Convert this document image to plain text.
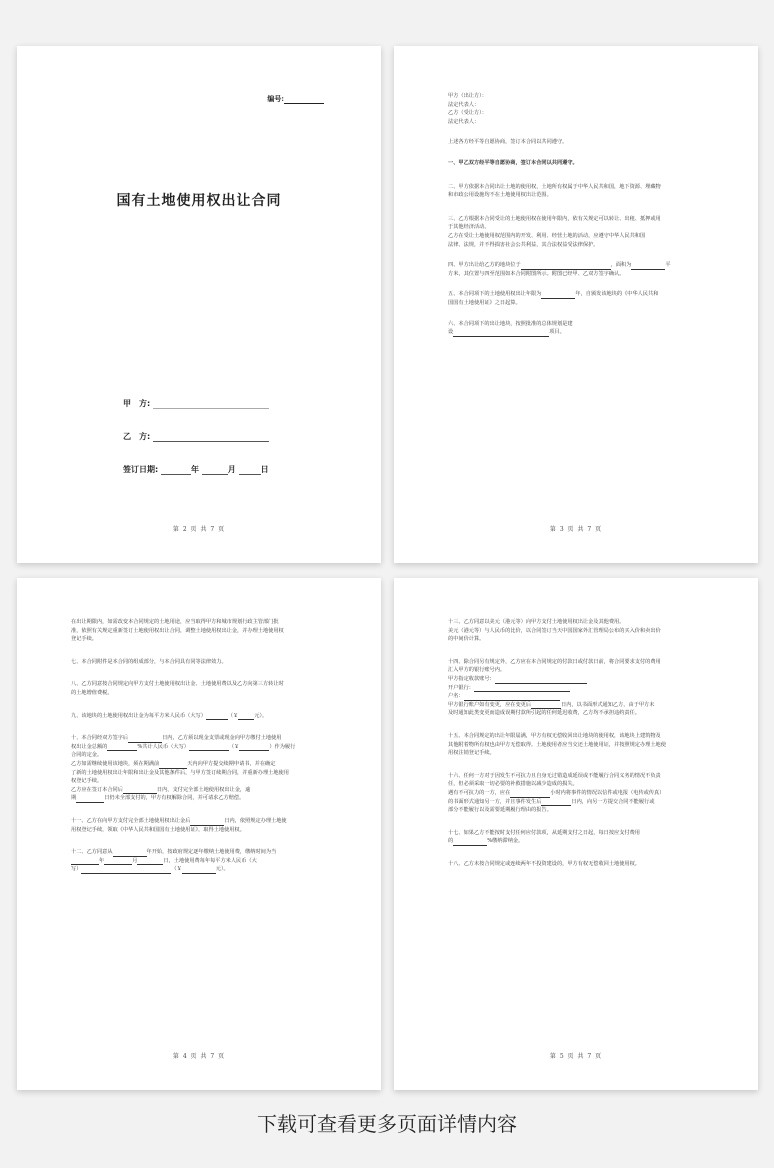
编号:
国有土地使用权出让合同
甲　方:
乙　方:
签订日期:	年	月	日
第 2 页 共 7 页

甲方（出让方）：

法定代表人：

乙方（受让方）：

法定代表人：

上述各方经平等自愿协商，签订本合同以共同遵守。

一、甲乙双方经平等自愿协商，签订本合同以共同遵守。

二、甲方依据本合同出让土地的使用权，土地所有权属于中华人民共和国，地下资源、埋藏物

和市政公用设施均不在土地使用权出让范围。

三、乙方根据本合同受让的土地使用权在使用年限内，依有关规定可以转让、出租、抵押或用

于其他经济活动。

乙方在受让土地使用权范围内的开发、利用、经营土地的活动，应遵守中华人民共和国

法律、法规，并不得损害社会公共利益，其合法权益受法律保护。

四、甲方出让给乙方的地块位于	，面积为	平

方米，其位置与四至范围如本合同附图所示。附图已经甲、乙双方签字确认。

五、本合同项下的土地使用权出让年限为	年，自颁发该地块的《中华人民共和

国国有土地使用证》之日起算。

六、本合同项下的出让地块，按照批准的总体规划是建

设	项目。

第 3 页 共 7 页

在出让期限内，如需改变本合同规定的土地用途，应当取得甲方和城市规划行政主管部门批

准，依照有关规定重新签订土地使用权出让合同，调整土地使用权出让金，并办理土地使用权

登记手续。

七、本合同附件是本合同的组成部分，与本合同具有同等法律效力。

八、乙方同意按合同规定向甲方支付土地使用权出让金、土地使用费以及乙方向第三方转让时

的土地增值费税。

九、该地块的土地使用权出让金为每平方米人民币（大写）	（￥	元）。

十、本合同经双方签字后	日内，乙方须以现金支票或现金向甲方缴付土地使用

权出让金总额的	%共计人民币（大写）	（￥	）作为履行

合同的定金。

乙方如需继续使用该地块，须在期满前	天内向甲方提交续期申请书，并在确定

了新的土地使用权出让年限和出让金及其他条件后，与甲方签订续期合同，并重新办理土地使用

权登记手续。

乙方应在签订本合同后	日内，支付完全部土地使用权出让金，逾

期	日仍未全部支付的，甲方有权解除合同，并可请求乙方赔偿。

十一、乙方在向甲方支付完全部土地使用权出让金后	日内，依照规定办理土地使

用权登记手续，领取《中华人民共和国国有土地使用证》，取得土地使用权。

十二、乙方同意从	年开始，按政府规定逐年缴纳土地使用费，缴纳时间为当

年	月	日，土地使用费每年每平方米人民币（大

写）	（￥	元）。

第 4 页 共 7 页

十三、乙方同意以美元（港元等）向甲方支付土地使用权出让金及其他费用。

美元（港元等）与人民币的比价，以合同签订当天中国国家外汇管理局公布的买入价和卖出价

的中间价计算。

十四、除合同另有规定外，乙方应在本合同规定的付款日或付款日前，将合同要求支付的费用

汇入甲方的银行账号内。

甲方指定收款账号：

开户银行：

户名：

甲方银行账户如有变更，应在变更后	日内，以书面形式通知乙方，由于甲方未

及时通知此类变更而造成误期付款所引起的任何延迟收费，乙方均不承担违约责任。

十五、本合同规定的出让年限届满，甲方有权无偿收回出让地块的使用权，该地块上建筑物及

其他附着物所有权也由甲方无偿取得。土地使用者应当交还土地使用证，并按照规定办理土地使

用权注销登记手续。

十六、任何一方对于因发生不可抗力且自身无过错造成延误或不能履行合同义务的情况不负责

任，但必须采取一切必要的补救措施以减少造成的损失。

遇有不可抗力的一方，应在	小时内将事件的情况以信件或电报（电传或传真）

的书面形式通知另一方，并且事件发生后	日内，向另一方提交合同不能履行或

部分不能履行以及需要延期履行理由的报告。

十七、如果乙方不能按时支付任何应付款项，从延期支付之日起，每日按应支付费用

的	%缴纳滞纳金。

十八、乙方未按合同规定或连续两年不投资建设的，甲方有权无偿收回土地使用权。

第 5 页 共 7 页
下载可查看更多页面详情内容
